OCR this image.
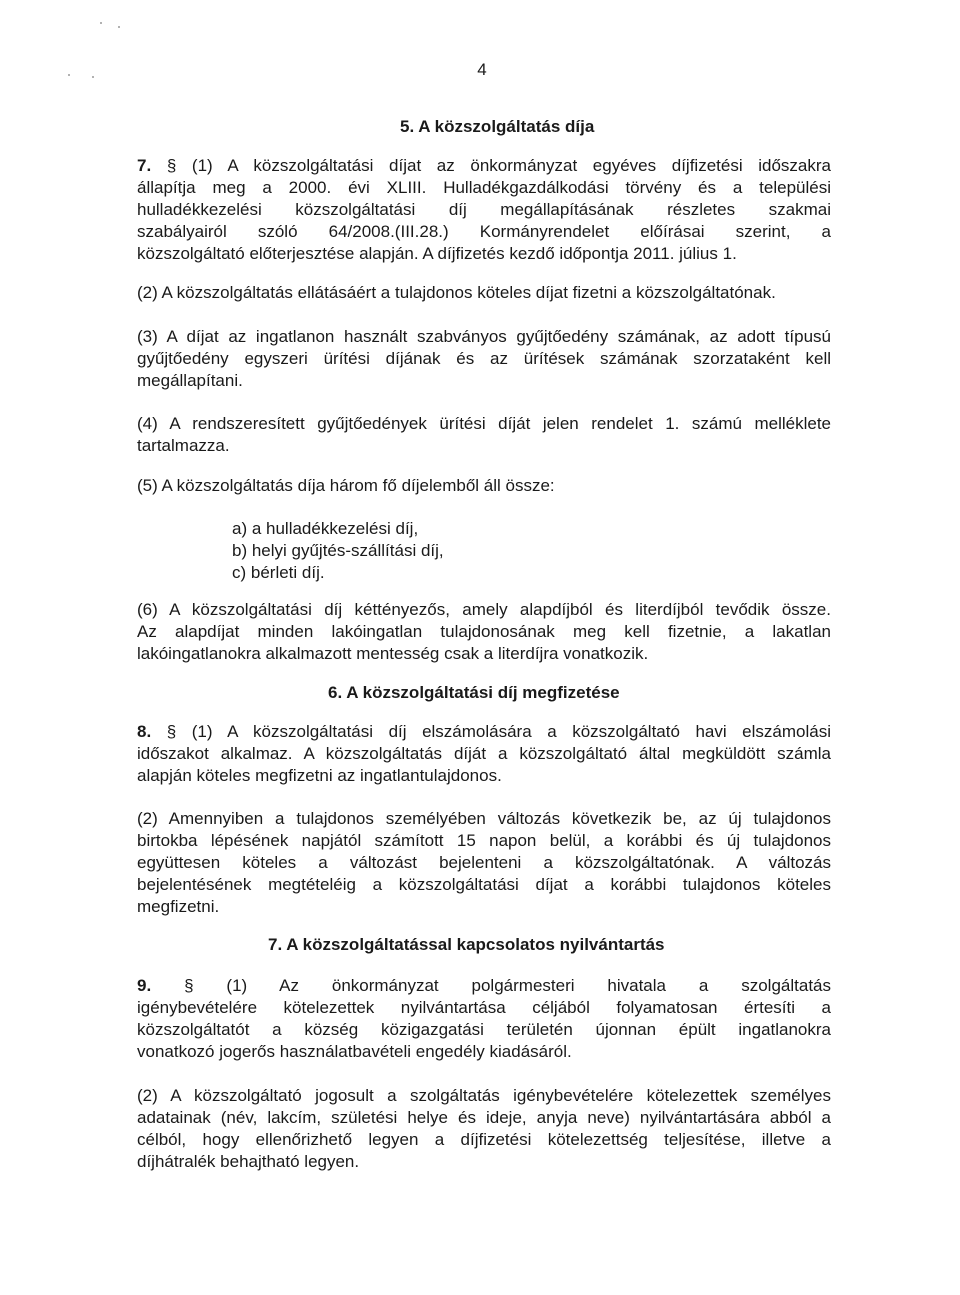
4
5. A közszolgáltatás díja
7. § (1) A közszolgáltatási díjat az önkormányzat egyéves díjfizetési időszakra
állapítja meg a 2000. évi XLIII. Hulladékgazdálkodási törvény és a települési
hulladékkezelési közszolgáltatási díj megállapításának részletes szakmai
szabályairól szóló 64/2008.(III.28.) Kormányrendelet előírásai szerint, a
közszolgáltató előterjesztése alapján. A díjfizetés kezdő időpontja 2011. július 1.
(2) A közszolgáltatás ellátásáért a tulajdonos köteles díjat fizetni a közszolgáltatónak.
(3) A díjat az ingatlanon használt szabványos gyűjtőedény számának, az adott típusú
gyűjtőedény egyszeri ürítési díjának és az ürítések számának szorzataként kell
megállapítani.
(4) A rendszeresített gyűjtőedények ürítési díját jelen rendelet 1. számú melléklete
tartalmazza.
(5) A közszolgáltatás díja három fő díjelemből áll össze:
a) a hulladékkezelési díj,
b) helyi gyűjtés-szállítási díj,
c) bérleti díj.
(6) A közszolgáltatási díj kéttényezős, amely alapdíjból és literdíjból tevődik össze.
Az alapdíjat minden lakóingatlan tulajdonosának meg kell fizetnie, a lakatlan
lakóingatlanokra alkalmazott mentesség csak a literdíjra vonatkozik.
6. A közszolgáltatási díj megfizetése
8. § (1) A közszolgáltatási díj elszámolására a közszolgáltató havi elszámolási
időszakot alkalmaz. A közszolgáltatás díját a közszolgáltató által megküldött számla
alapján köteles megfizetni az ingatlantulajdonos.
(2) Amennyiben a tulajdonos személyében változás következik be, az új tulajdonos
birtokba lépésének napjától számított 15 napon belül, a korábbi és új tulajdonos
együttesen köteles a változást bejelenteni a közszolgáltatónak. A változás
bejelentésének megtételéig a közszolgáltatási díjat a korábbi tulajdonos köteles
megfizetni.
7. A közszolgáltatással kapcsolatos nyilvántartás
9. § (1) Az önkormányzat polgármesteri hivatala a szolgáltatás
igénybevételére kötelezettek nyilvántartása céljából folyamatosan értesíti a
közszolgáltatót a község közigazgatási területén újonnan épült ingatlanokra
vonatkozó jogerős használatbavételi engedély kiadásáról.
(2) A közszolgáltató jogosult a szolgáltatás igénybevételére kötelezettek személyes
adatainak (név, lakcím, születési helye és ideje, anyja neve) nyilvántartására abból a
célból, hogy ellenőrizhető legyen a díjfizetési kötelezettség teljesítése, illetve a
díjhátralék behajtható legyen.
